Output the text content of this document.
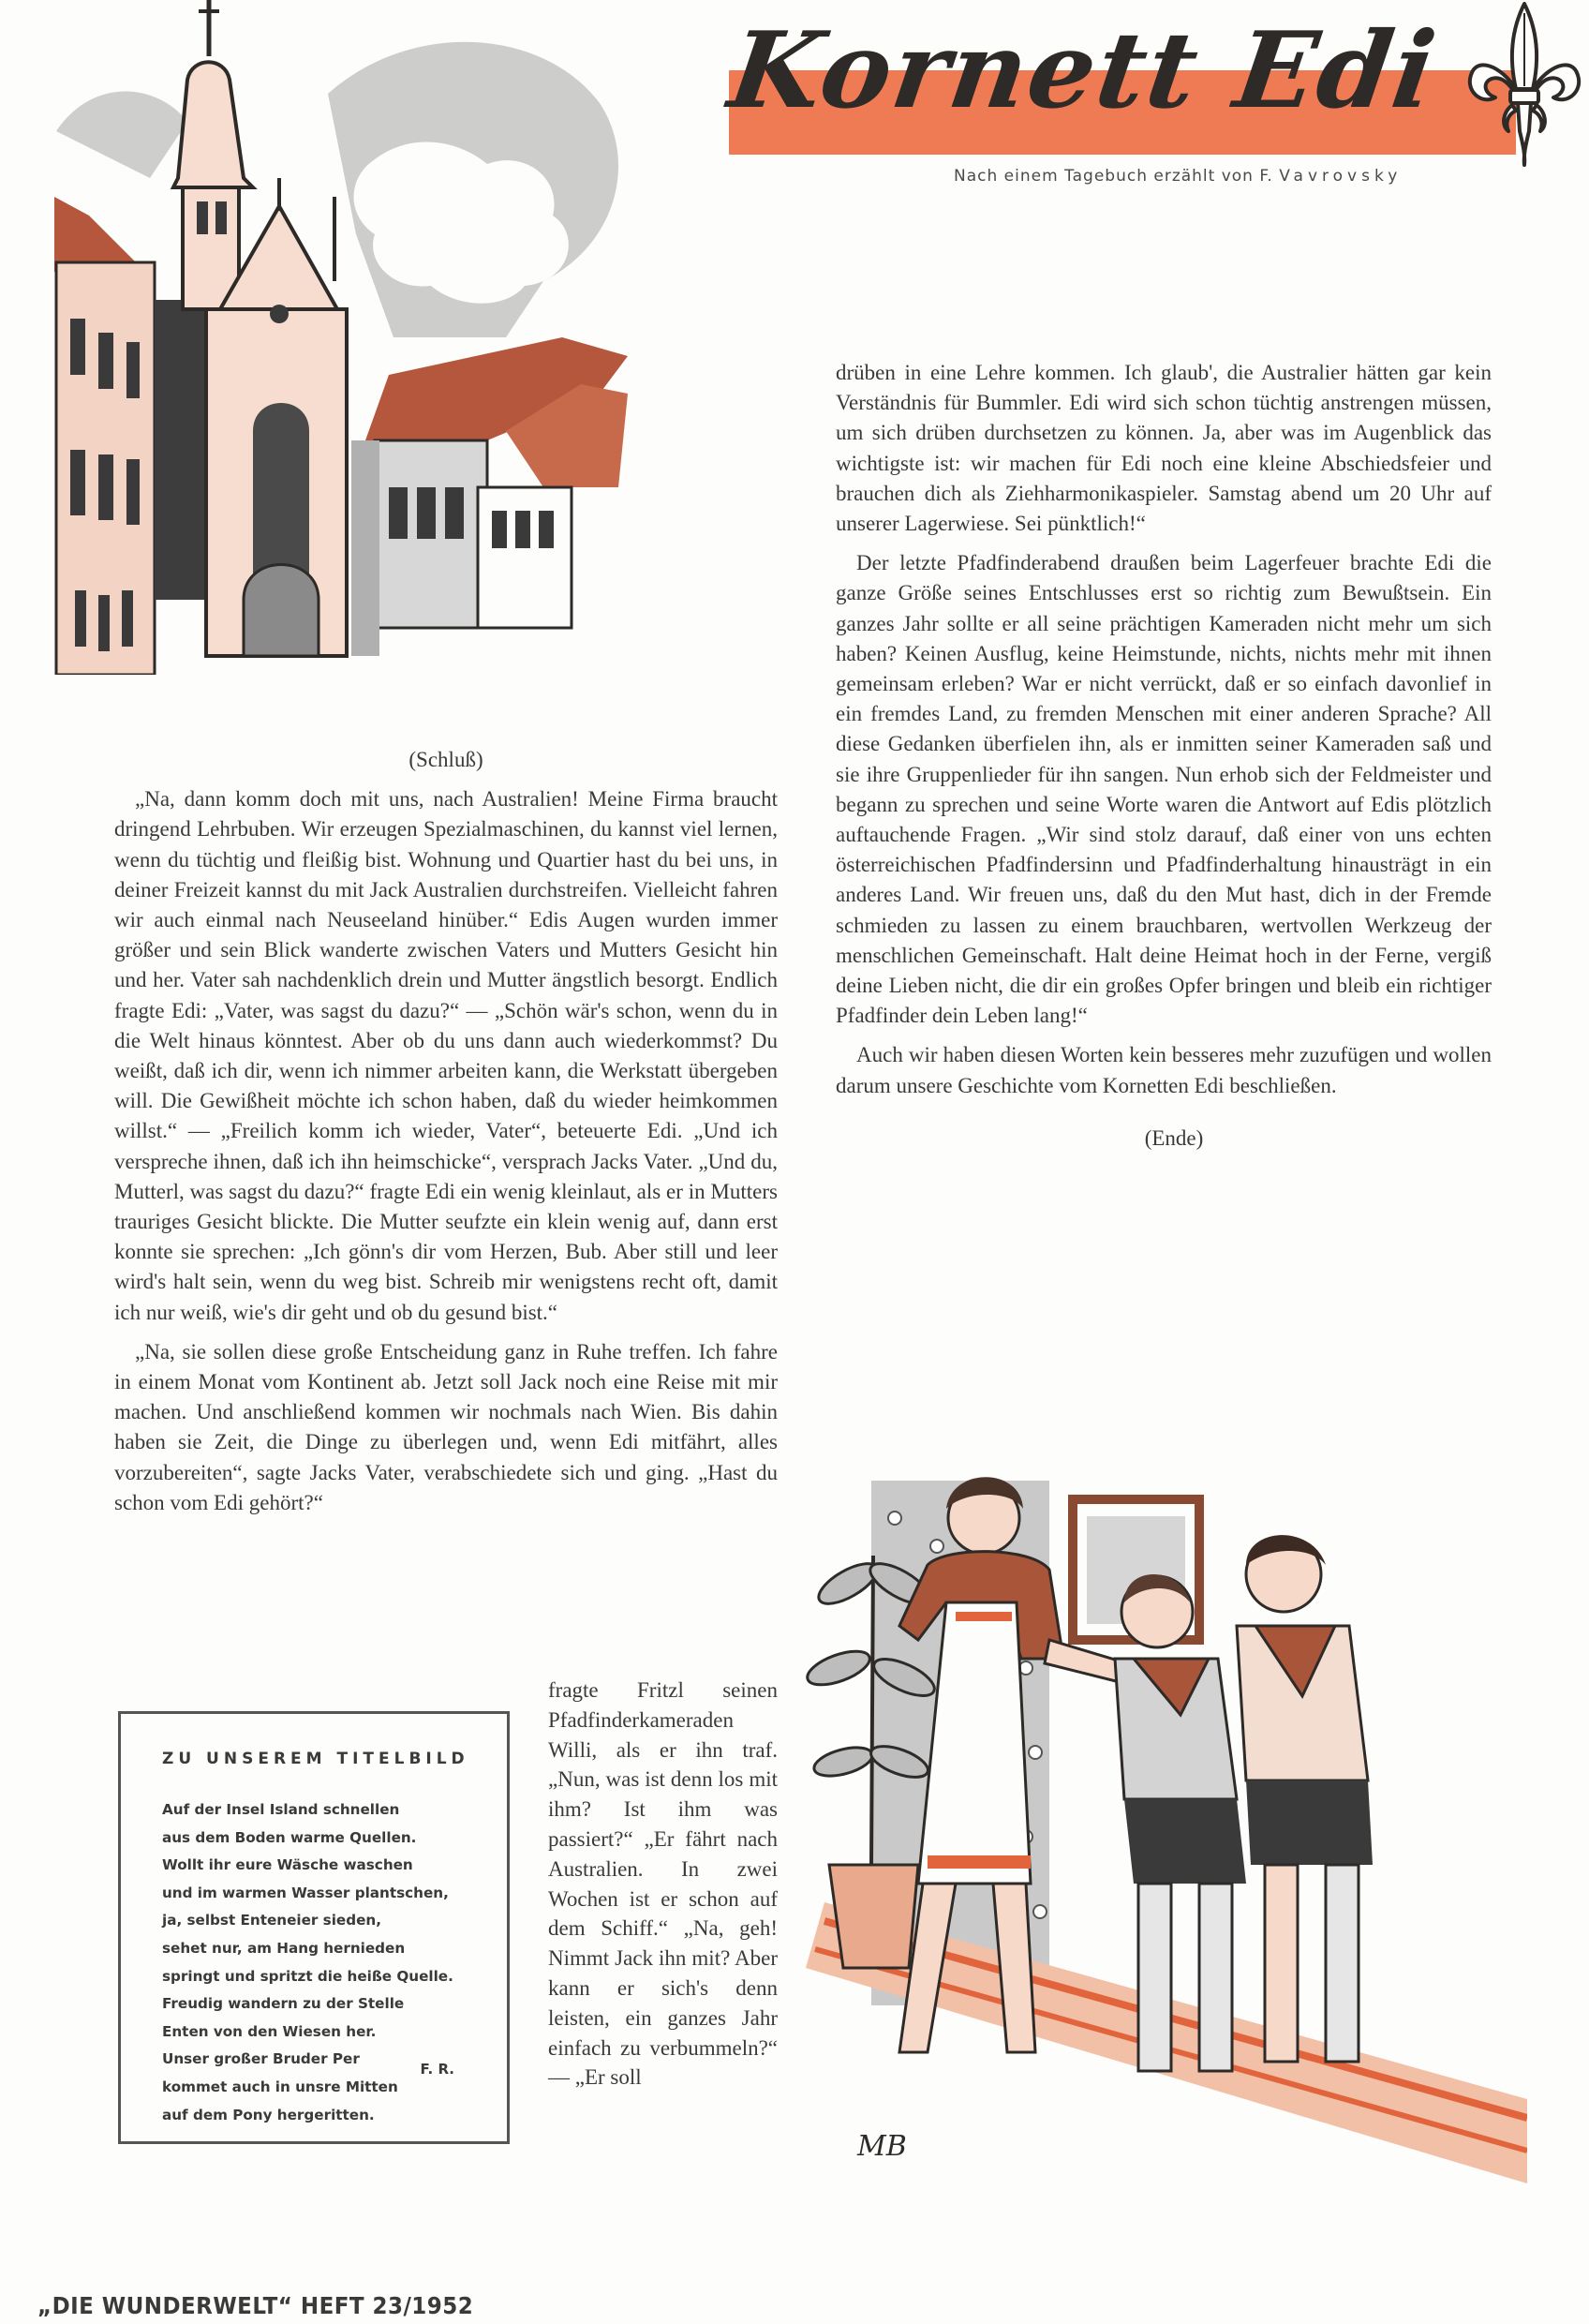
Kornett Edi
Nach einem Tagebuch erzählt von F. Vavrovsky

(Schluß)

„Na, dann komm doch mit uns, nach Australien! Meine Firma braucht dringend Lehrbuben. Wir erzeugen Spezialmaschinen, du kannst viel lernen, wenn du tüchtig und fleißig bist. Wohnung und Quartier hast du bei uns, in deiner Freizeit kannst du mit Jack Australien durchstreifen. Vielleicht fahren wir auch einmal nach Neuseeland hinüber.“ Edis Augen wurden immer größer und sein Blick wanderte zwischen Vaters und Mutters Gesicht hin und her. Vater sah nachdenklich drein und Mutter ängstlich besorgt. Endlich fragte Edi: „Vater, was sagst du dazu?“ — „Schön wär's schon, wenn du in die Welt hinaus könntest. Aber ob du uns dann auch wiederkommst? Du weißt, daß ich dir, wenn ich nimmer arbeiten kann, die Werkstatt übergeben will. Die Gewißheit möchte ich schon haben, daß du wieder heimkommen willst.“ — „Freilich komm ich wieder, Vater“, beteuerte Edi. „Und ich verspreche ihnen, daß ich ihn heimschicke“, versprach Jacks Vater. „Und du, Mutterl, was sagst du dazu?“ fragte Edi ein wenig kleinlaut, als er in Mutters trauriges Gesicht blickte. Die Mutter seufzte ein klein wenig auf, dann erst konnte sie sprechen: „Ich gönn's dir vom Herzen, Bub. Aber still und leer wird's halt sein, wenn du weg bist. Schreib mir wenigstens recht oft, damit ich nur weiß, wie's dir geht und ob du gesund bist.“

„Na, sie sollen diese große Entscheidung ganz in Ruhe treffen. Ich fahre in einem Monat vom Kontinent ab. Jetzt soll Jack noch eine Reise mit mir machen. Und anschließend kommen wir nochmals nach Wien. Bis dahin haben sie Zeit, die Dinge zu überlegen und, wenn Edi mitfährt, alles vorzubereiten“, sagte Jacks Vater, verabschiedete sich und ging. „Hast du schon vom Edi gehört?“

fragte Fritzl seinen Pfadfinderkameraden Willi, als er ihn traf. „Nun, was ist denn los mit ihm? Ist ihm was passiert?“ „Er fährt nach Australien. In zwei Wochen ist er schon auf dem Schiff.“ „Na, geh! Nimmt Jack ihn mit? Aber kann er sich's denn leisten, ein ganzes Jahr einfach zu verbummeln?“ — „Er soll
ZU UNSEREM TITELBILD
Auf der Insel Island schnellen
aus dem Boden warme Quellen.
Wollt ihr eure Wäsche waschen
und im warmen Wasser plantschen,
ja, selbst Enteneier sieden,
sehet nur, am Hang hernieden
springt und spritzt die heiße Quelle.
Freudig wandern zu der Stelle
Enten von den Wiesen her.
Unser großer Bruder Per
kommet auch in unsre Mitten
auf dem Pony hergeritten.
F. R.

drüben in eine Lehre kommen. Ich glaub', die Australier hätten gar kein Verständnis für Bummler. Edi wird sich schon tüchtig anstrengen müssen, um sich drüben durchsetzen zu können. Ja, aber was im Augenblick das wichtigste ist: wir machen für Edi noch eine kleine Abschiedsfeier und brauchen dich als Ziehharmonikaspieler. Samstag abend um 20 Uhr auf unserer Lagerwiese. Sei pünktlich!“

Der letzte Pfadfinderabend draußen beim Lagerfeuer brachte Edi die ganze Größe seines Entschlusses erst so richtig zum Bewußtsein. Ein ganzes Jahr sollte er all seine prächtigen Kameraden nicht mehr um sich haben? Keinen Ausflug, keine Heimstunde, nichts, nichts mehr mit ihnen gemeinsam erleben? War er nicht verrückt, daß er so einfach davonlief in ein fremdes Land, zu fremden Menschen mit einer anderen Sprache? All diese Gedanken überfielen ihn, als er inmitten seiner Kameraden saß und sie ihre Gruppenlieder für ihn sangen. Nun erhob sich der Feldmeister und begann zu sprechen und seine Worte waren die Antwort auf Edis plötzlich auftauchende Fragen. „Wir sind stolz darauf, daß einer von uns echten österreichischen Pfadfindersinn und Pfadfinderhaltung hinausträgt in ein anderes Land. Wir freuen uns, daß du den Mut hast, dich in der Fremde schmieden zu lassen zu einem brauchbaren, wertvollen Werkzeug der menschlichen Gemeinschaft. Halt deine Heimat hoch in der Ferne, vergiß deine Lieben nicht, die dir ein großes Opfer bringen und bleib ein richtiger Pfadfinder dein Leben lang!“

Auch wir haben diesen Worten kein besseres mehr zuzufügen und wollen darum unsere Geschichte vom Kornetten Edi beschließen.

(Ende)

MB
„DIE WUNDERWELT“ HEFT 23/1952
